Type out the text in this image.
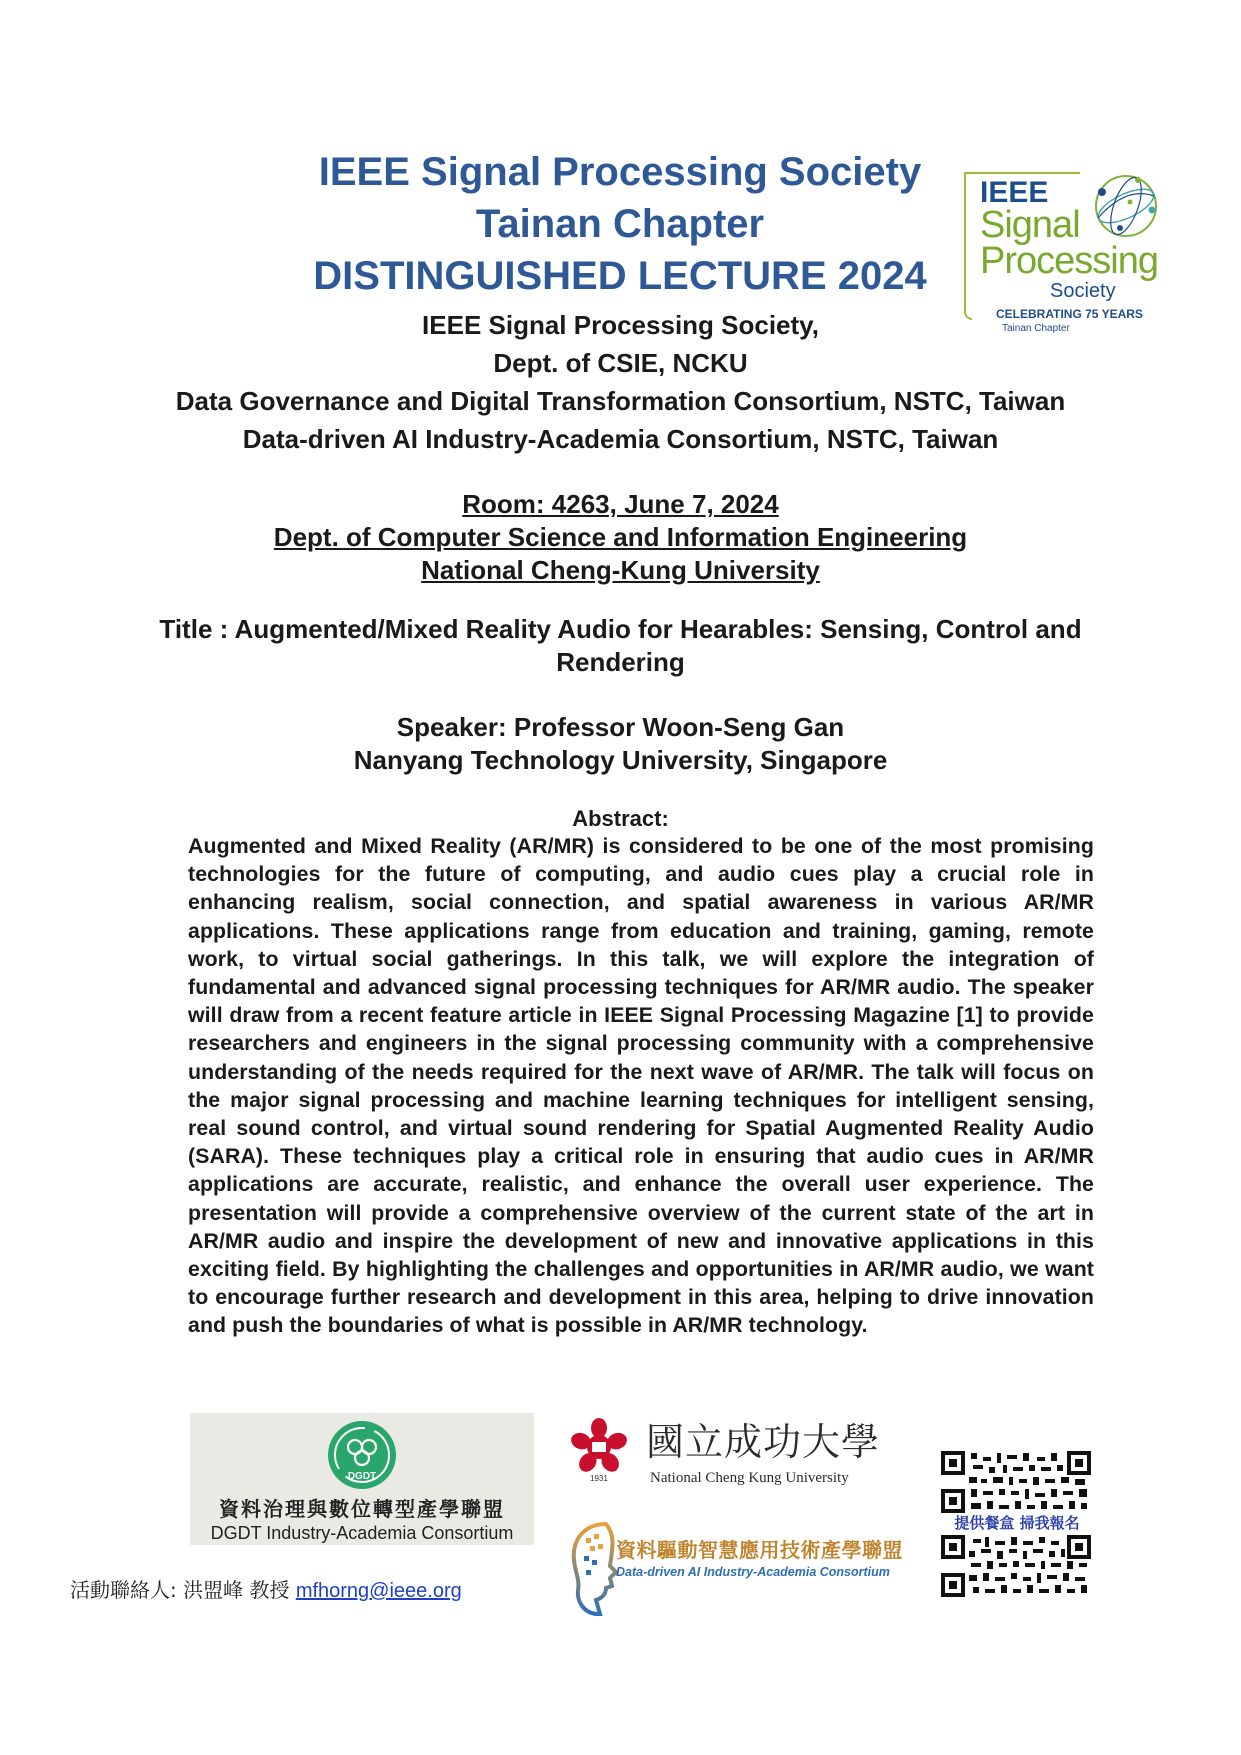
IEEE Signal Processing Society
Tainan Chapter
DISTINGUISHED LECTURE 2024
IEEE
Signal
Processing
Society
CELEBRATING 75 YEARS
Tainan Chapter

IEEE Signal Processing Society,

Dept. of CSIE, NCKU

Data Governance and Digital Transformation Consortium, NSTC, Taiwan

Data-driven AI Industry-Academia Consortium, NSTC, Taiwan

Room: 4263, June 7, 2024

Dept. of Computer Science and Information Engineering

National Cheng-Kung University

Title : Augmented/Mixed Reality Audio for Hearables: Sensing, Control and Rendering

Speaker: Professor Woon-Seng Gan

Nanyang Technology University, Singapore

Abstract:

Augmented and Mixed Reality (AR/MR) is considered to be one of the most promising technologies for the future of computing, and audio cues play a crucial role in enhancing realism, social connection, and spatial awareness in various AR/MR applications. These applications range from education and training, gaming, remote work, to virtual social gatherings. In this talk, we will explore the integration of fundamental and advanced signal processing techniques for AR/MR audio. The speaker will draw from a recent feature article in IEEE Signal Processing Magazine [1] to provide researchers and engineers in the signal processing community with a comprehensive understanding of the needs required for the next wave of AR/MR. The talk will focus on the major signal processing and machine learning techniques for intelligent sensing, real sound control, and virtual sound rendering for Spatial Augmented Reality Audio (SARA). These techniques play a critical role in ensuring that audio cues in AR/MR applications are accurate, realistic, and enhance the overall user experience. The presentation will provide a comprehensive overview of the current state of the art in AR/MR audio and inspire the development of new and innovative applications in this exciting field. By highlighting the challenges and opportunities in AR/MR audio, we want to encourage further research and development in this area, helping to drive innovation and push the boundaries of what is possible in AR/MR technology.

DGDT
資料治理與數位轉型產學聯盟
DGDT Industry-Academia Consortium
1931
國立成功大學
National Cheng Kung University
資料驅動智慧應用技術產學聯盟
Data-driven AI Industry-Academia Consortium
提供餐盒 掃我報名
活動聯絡人: 洪盟峰 教授 mfhorng@ieee.org
